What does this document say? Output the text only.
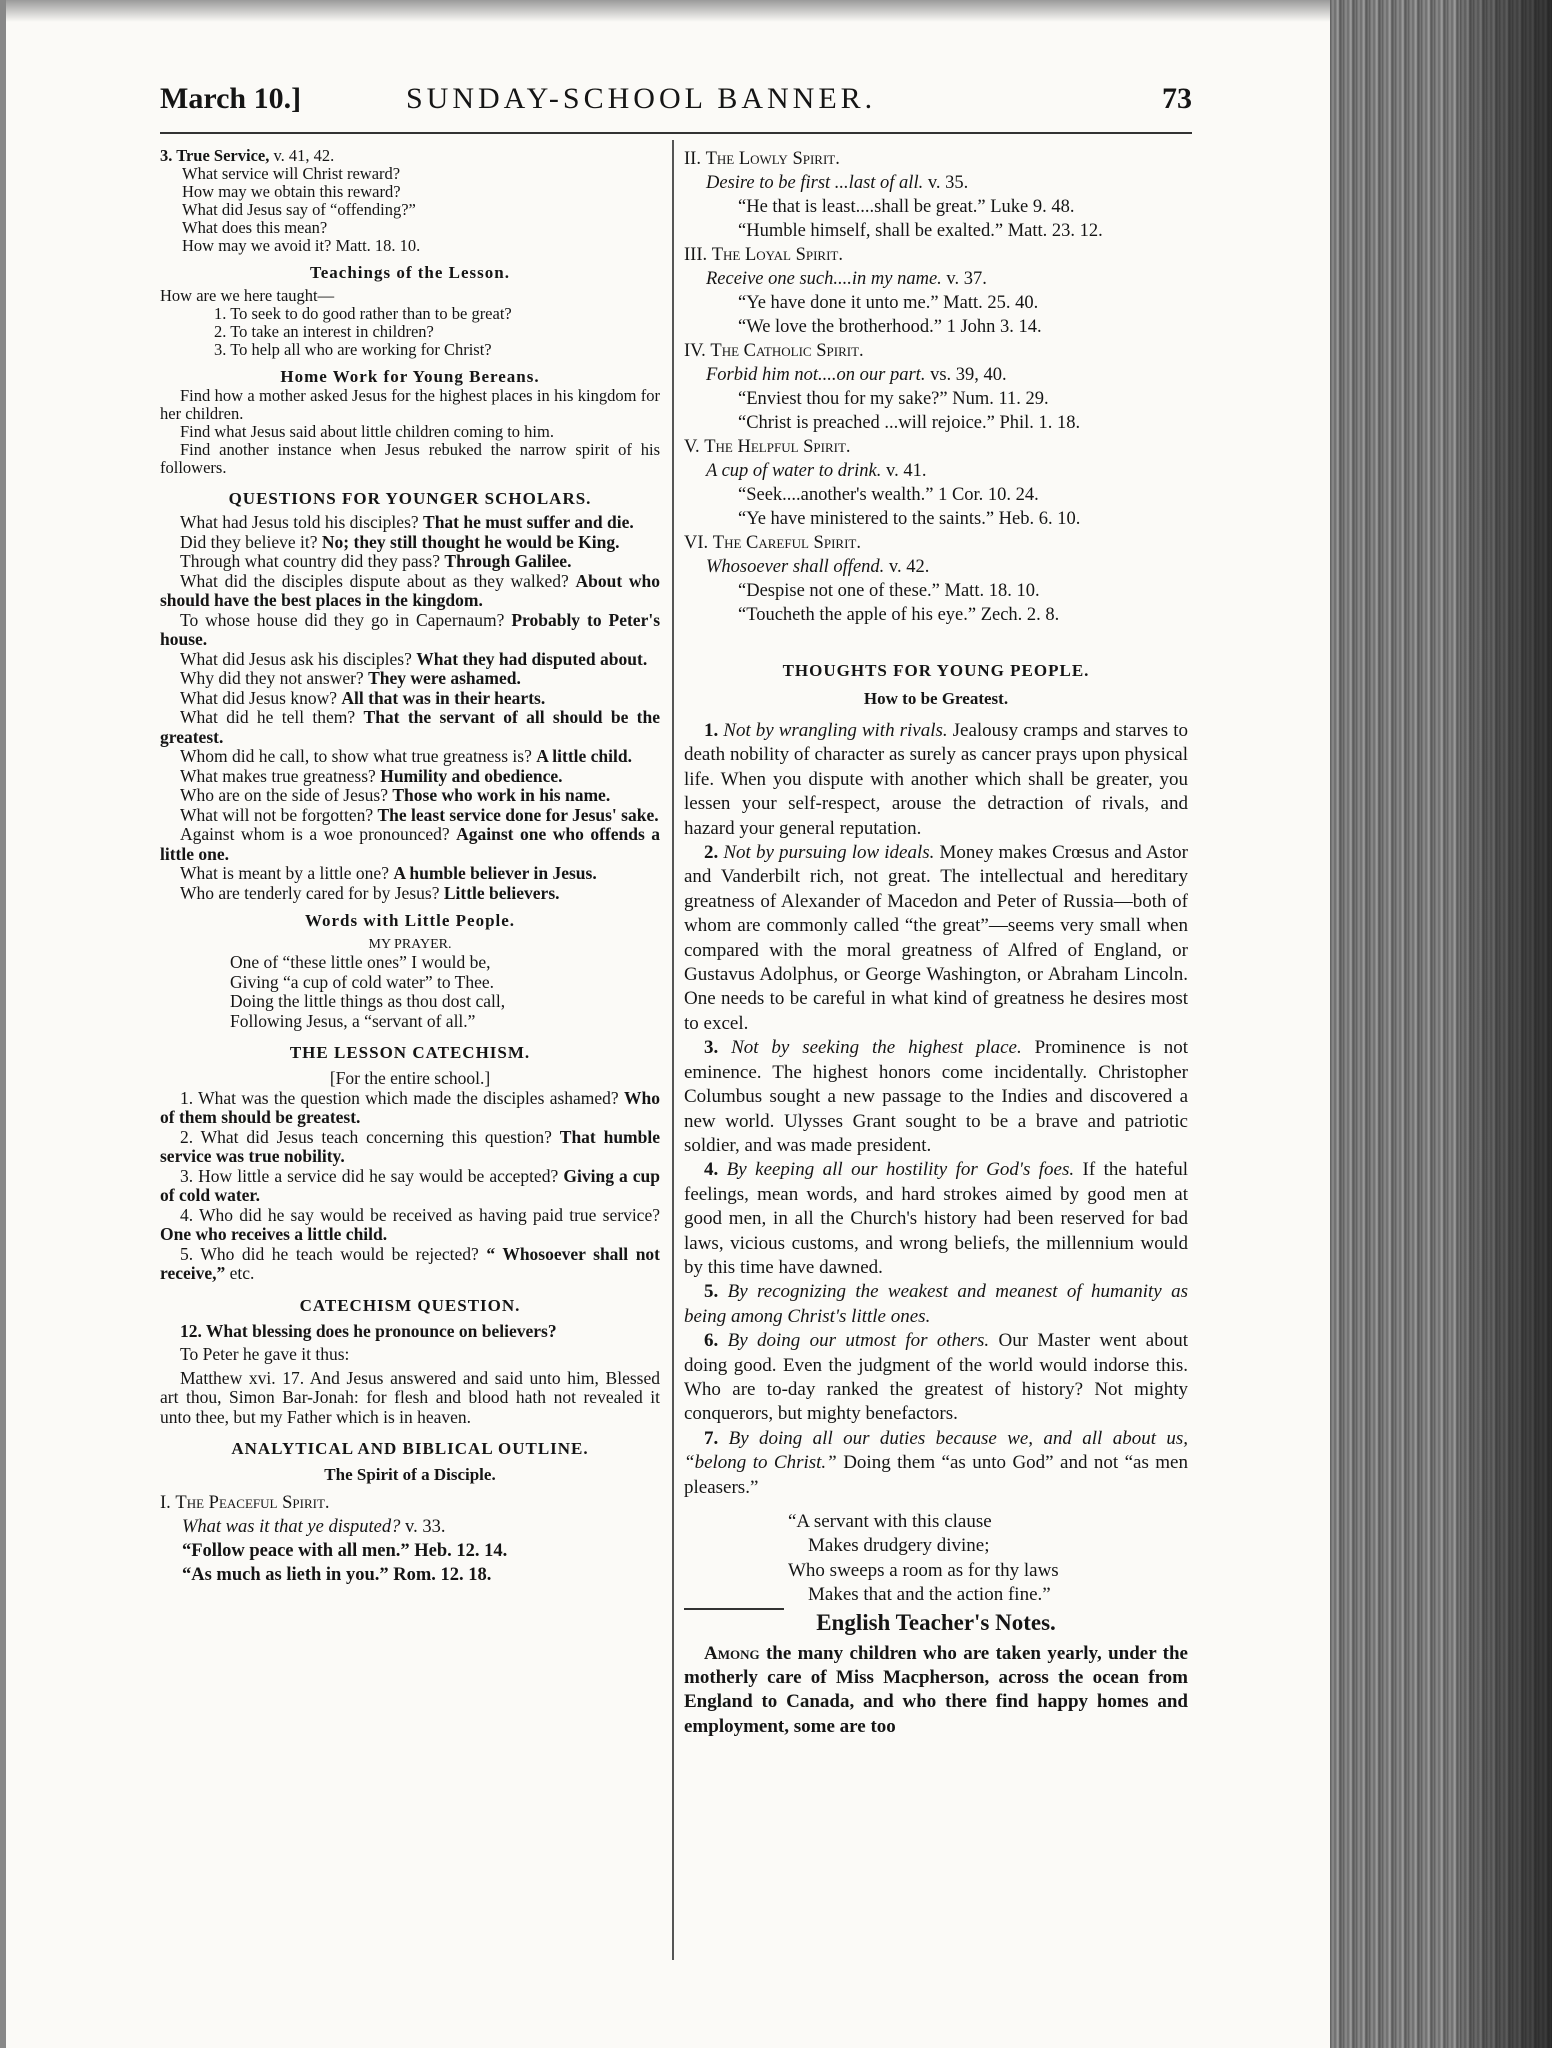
March 10.]	SUNDAY-SCHOOL BANNER.	73
3. True Service, v. 41, 42.
What service will Christ reward?
How may we obtain this reward?
What did Jesus say of “offending?”
What does this mean?
How may we avoid it? Matt. 18. 10.
Teachings of the Lesson.
How are we here taught—
1. To seek to do good rather than to be great?
2. To take an interest in children?
3. To help all who are working for Christ?
Home Work for Young Bereans.

Find how a mother asked Jesus for the highest places in his kingdom for her children.

Find what Jesus said about little children coming to him.

Find another instance when Jesus rebuked the narrow spirit of his followers.

QUESTIONS FOR YOUNGER SCHOLARS.

What had Jesus told his disciples? That he must suffer and die.

Did they believe it? No; they still thought he would be King.

Through what country did they pass? Through Galilee.

What did the disciples dispute about as they walked? About who should have the best places in the kingdom.

To whose house did they go in Capernaum? Probably to Peter's house.

What did Jesus ask his disciples? What they had disputed about.

Why did they not answer? They were ashamed.

What did Jesus know? All that was in their hearts.

What did he tell them? That the servant of all should be the greatest.

Whom did he call, to show what true greatness is? A little child.

What makes true greatness? Humility and obedience.

Who are on the side of Jesus? Those who work in his name.

What will not be forgotten? The least service done for Jesus' sake.

Against whom is a woe pronounced? Against one who offends a little one.

What is meant by a little one? A humble believer in Jesus.

Who are tenderly cared for by Jesus? Little believers.

Words with Little People.
MY PRAYER.
One of “these little ones” I would be,
Giving “a cup of cold water” to Thee.
Doing the little things as thou dost call,
Following Jesus, a “servant of all.”
THE LESSON CATECHISM.
[For the entire school.]

1. What was the question which made the disciples ashamed? Who of them should be greatest.

2. What did Jesus teach concerning this question? That humble service was true nobility.

3. How little a service did he say would be accepted? Giving a cup of cold water.

4. Who did he say would be received as having paid true service? One who receives a little child.

5. Who did he teach would be rejected? “ Whosoever shall not receive,” etc.

CATECHISM QUESTION.

12. What blessing does he pronounce on believers?

To Peter he gave it thus:

Matthew xvi. 17. And Jesus answered and said unto him, Blessed art thou, Simon Bar-Jonah: for flesh and blood hath not revealed it unto thee, but my Father which is in heaven.

ANALYTICAL AND BIBLICAL OUTLINE.
The Spirit of a Disciple.
I. The Peaceful Spirit.
What was it that ye disputed? v. 33.
“Follow peace with all men.” Heb. 12. 14.
“As much as lieth in you.” Rom. 12. 18.
II. The Lowly Spirit.
Desire to be first ...last of all. v. 35.
“He that is least....shall be great.” Luke 9. 48.
“Humble himself, shall be exalted.” Matt. 23. 12.
III. The Loyal Spirit.
Receive one such....in my name. v. 37.
“Ye have done it unto me.” Matt. 25. 40.
“We love the brotherhood.” 1 John 3. 14.
IV. The Catholic Spirit.
Forbid him not....on our part. vs. 39, 40.
“Enviest thou for my sake?” Num. 11. 29.
“Christ is preached ...will rejoice.” Phil. 1. 18.
V. The Helpful Spirit.
A cup of water to drink. v. 41.
“Seek....another's wealth.” 1 Cor. 10. 24.
“Ye have ministered to the saints.” Heb. 6. 10.
VI. The Careful Spirit.
Whosoever shall offend. v. 42.
“Despise not one of these.” Matt. 18. 10.
“Toucheth the apple of his eye.” Zech. 2. 8.
THOUGHTS FOR YOUNG PEOPLE.
How to be Greatest.

1. Not by wrangling with rivals. Jealousy cramps and starves to death nobility of character as surely as cancer prays upon physical life. When you dispute with another which shall be greater, you lessen your self-respect, arouse the detraction of rivals, and hazard your general reputation.

2. Not by pursuing low ideals. Money makes Crœsus and Astor and Vanderbilt rich, not great. The intellectual and hereditary greatness of Alexander of Macedon and Peter of Russia—both of whom are commonly called “the great”—seems very small when compared with the moral greatness of Alfred of England, or Gustavus Adolphus, or George Washington, or Abraham Lincoln. One needs to be careful in what kind of greatness he desires most to excel.

3. Not by seeking the highest place. Prominence is not eminence. The highest honors come incidentally. Christopher Columbus sought a new passage to the Indies and discovered a new world. Ulysses Grant sought to be a brave and patriotic soldier, and was made president.

4. By keeping all our hostility for God's foes. If the hateful feelings, mean words, and hard strokes aimed by good men at good men, in all the Church's history had been reserved for bad laws, vicious customs, and wrong beliefs, the millennium would by this time have dawned.

5. By recognizing the weakest and meanest of humanity as being among Christ's little ones.

6. By doing our utmost for others. Our Master went about doing good. Even the judgment of the world would indorse this. Who are to-day ranked the greatest of history? Not mighty conquerors, but mighty benefactors.

7. By doing all our duties because we, and all about us, “belong to Christ.” Doing them “as unto God” and not “as men pleasers.”

“A servant with this clause
Makes drudgery divine;
Who sweeps a room as for thy laws
Makes that and the action fine.”
English Teacher's Notes.

Among the many children who are taken yearly, under the motherly care of Miss Macpherson, across the ocean from England to Canada, and who there find happy homes and employment, some are too
